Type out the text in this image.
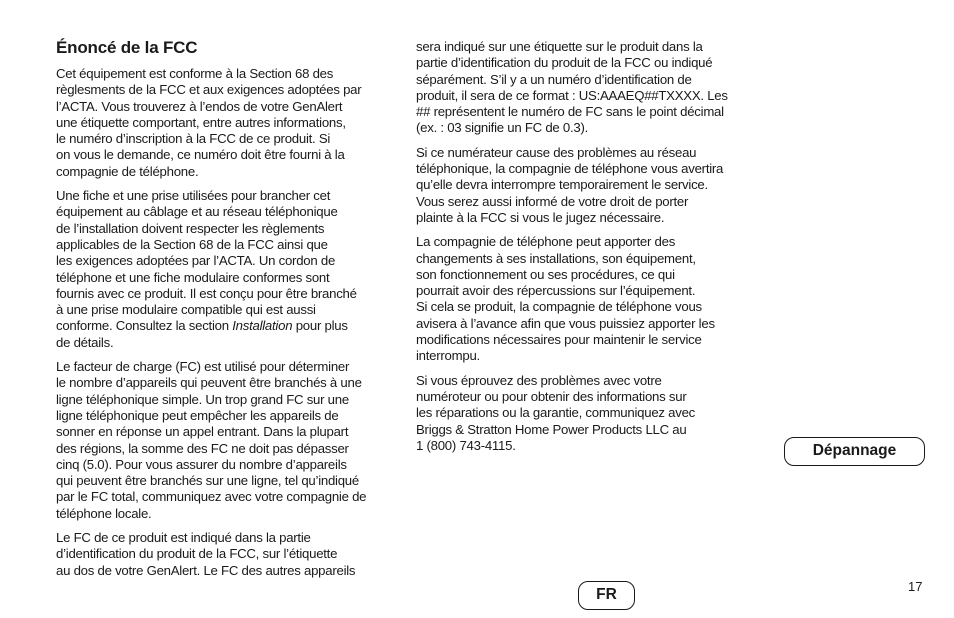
Énoncé de la FCC

Cet équipement est conforme à la Section 68 des
règlesments de la FCC et aux exigences adoptées par
l’ACTA. Vous trouverez à l’endos de votre GenAlert
une étiquette comportant, entre autres informations,
le numéro d’inscription à la FCC de ce produit. Si
on vous le demande, ce numéro doit être fourni à la
compagnie de téléphone.

Une fiche et une prise utilisées pour brancher cet
équipement au câblage et au réseau téléphonique
de l’installation doivent respecter les règlements
applicables de la Section 68 de la FCC ainsi que
les exigences adoptées par l’ACTA. Un cordon de
téléphone et une fiche modulaire conformes sont
fournis avec ce produit. Il est conçu pour être branché
à une prise modulaire compatible qui est aussi
conforme. Consultez la section Installation pour plus
de détails.

Le facteur de charge (FC) est utilisé pour déterminer
le nombre d’appareils qui peuvent être branchés à une
ligne téléphonique simple. Un trop grand FC sur une
ligne téléphonique peut empêcher les appareils de
sonner en réponse un appel entrant. Dans la plupart
des régions, la somme des FC ne doit pas dépasser
cinq (5.0). Pour vous assurer du nombre d’appareils
qui peuvent être branchés sur une ligne, tel qu’indiqué
par le FC total, communiquez avec votre compagnie de
téléphone locale.

Le FC de ce produit est indiqué dans la partie
d’identification du produit de la FCC, sur l’étiquette
au dos de votre GenAlert. Le FC des autres appareils

sera indiqué sur une étiquette sur le produit dans la
partie d’identification du produit de la FCC ou indiqué
séparément. S’il y a un numéro d’identification de
produit, il sera de ce format : US:AAAEQ##TXXXX. Les
## représentent le numéro de FC sans le point décimal
(ex. : 03 signifie un FC de 0.3).

Si ce numérateur cause des problèmes au réseau
téléphonique, la compagnie de téléphone vous avertira
qu’elle devra interrompre temporairement le service.
Vous serez aussi informé de votre droit de porter
plainte à la FCC si vous le jugez nécessaire.

La compagnie de téléphone peut apporter des
changements à ses installations, son équipement,
son fonctionnement ou ses procédures, ce qui
pourrait avoir des répercussions sur l’équipement.
Si cela se produit, la compagnie de téléphone vous
avisera à l’avance afin que vous puissiez apporter les
modifications nécessaires pour maintenir le service
interrompu.

Si vous éprouvez des problèmes avec votre
numéroteur ou pour obtenir des informations sur
les réparations ou la garantie, communiquez avec
Briggs & Stratton Home Power Products LLC au
1 (800) 743-4115.	Dépannage
FR	17
